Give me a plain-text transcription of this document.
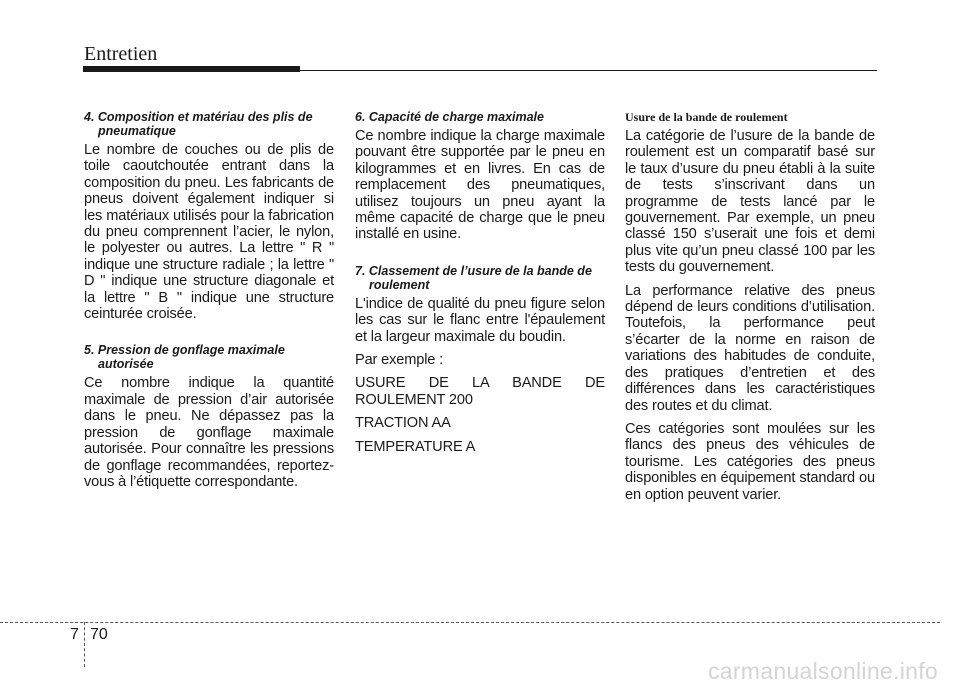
Entretien
4. Composition et matériau des plis de pneumatique

Le nombre de couches ou de plis de toile caoutchoutée entrant dans la composition du pneu. Les fabricants de pneus doivent également indiquer si les matériaux utilisés pour la fabrication du pneu comprennent l’acier, le nylon, le polyester ou autres. La lettre " R " indique une structure radiale ; la lettre " D " indique une structure diagonale et la lettre " B " indique une structure ceinturée croisée.

5. Pression de gonflage maximale autorisée

Ce nombre indique la quantité maximale de pression d’air autorisée dans le pneu. Ne dépassez pas la pression de gonflage maximale autorisée. Pour connaître les pressions de gonflage recommandées, reportez-vous à l’étiquette correspondante.

6. Capacité de charge maximale

Ce nombre indique la charge maximale pouvant être supportée par le pneu en kilogrammes et en livres. En cas de remplacement des pneumatiques, utilisez toujours un pneu ayant la même capacité de charge que le pneu installé en usine.

7. Classement de l’usure de la bande de roulement

L'indice de qualité du pneu figure selon les cas sur le flanc entre l'épaulement et la largeur maximale du boudin.

Par exemple :

USURE DE LA BANDE DE ROULEMENT 200

TRACTION AA

TEMPERATURE A

Usure de la bande de roulement

La catégorie de l’usure de la bande de roulement est un comparatif basé sur le taux d’usure du pneu établi à la suite de tests s’inscrivant dans un programme de tests lancé par le gouvernement. Par exemple, un pneu classé 150 s’userait une fois et demi plus vite qu’un pneu classé 100 par les tests du gouvernement.

La performance relative des pneus dépend de leurs conditions d’utilisation. Toutefois, la performance peut s’écarter de la norme en raison de variations des habitudes de conduite, des pratiques d’entretien et des différences dans les caractéristiques des routes et du climat.

Ces catégories sont moulées sur les flancs des pneus des véhicules de tourisme. Les catégories des pneus disponibles en équipement standard ou en option peuvent varier.

7 70
carmanualsonline.info
